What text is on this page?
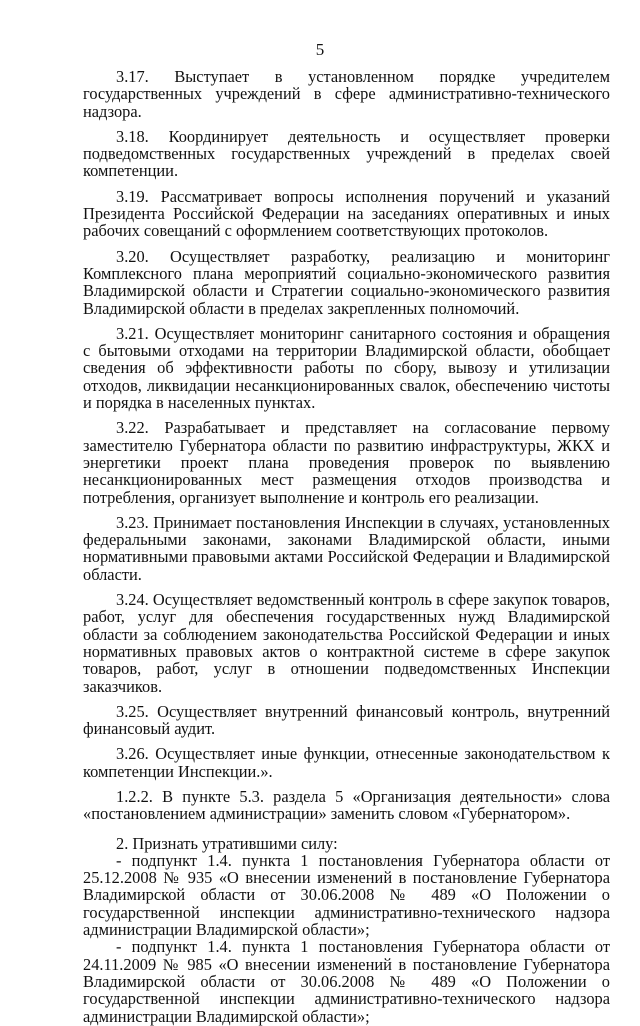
5

3.17. Выступает в установленном порядке учредителем государственных учреждений в сфере административно-технического надзора.

3.18. Координирует деятельность и осуществляет проверки подведомственных государственных учреждений в пределах своей компетенции.

3.19. Рассматривает вопросы исполнения поручений и указаний Президента Российской Федерации на заседаниях оперативных и иных рабочих совещаний с оформлением соответствующих протоколов.

3.20. Осуществляет разработку, реализацию и мониторинг Комплексного плана мероприятий социально-экономического развития Владимирской области и Стратегии социально-экономического развития Владимирской области в пределах закрепленных полномочий.

3.21. Осуществляет мониторинг санитарного состояния и обращения с бытовыми отходами на территории Владимирской области, обобщает сведения об эффективности работы по сбору, вывозу и утилизации отходов, ликвидации несанкционированных свалок, обеспечению чистоты и порядка в населенных пунктах.

3.22. Разрабатывает и представляет на согласование первому заместителю Губернатора области по развитию инфраструктуры, ЖКХ и энергетики проект плана проведения проверок по выявлению несанкционированных мест размещения отходов производства и потребления, организует выполнение и контроль его реализации.

3.23. Принимает постановления Инспекции в случаях, установленных федеральными законами, законами Владимирской области, иными нормативными правовыми актами Российской Федерации и Владимирской области.

3.24. Осуществляет ведомственный контроль в сфере закупок товаров, работ, услуг для обеспечения государственных нужд Владимирской области за соблюдением законодательства Российской Федерации и иных нормативных правовых актов о контрактной системе в сфере закупок товаров, работ, услуг в отношении подведомственных Инспекции заказчиков.

3.25. Осуществляет внутренний финансовый контроль, внутренний финансовый аудит.

3.26. Осуществляет иные функции, отнесенные законодательством к компетенции Инспекции.».

1.2.2. В пункте 5.3. раздела 5 «Организация деятельности» слова «постановлением администрации» заменить словом «Губернатором».

2. Признать утратившими силу:

- подпункт 1.4. пункта 1 постановления Губернатора области от 25.12.2008 № 935 «О внесении изменений в постановление Губернатора Владимирской области от 30.06.2008 № 489 «О Положении о государственной инспекции административно-технического надзора администрации Владимирской области»;

- подпункт 1.4. пункта 1 постановления Губернатора области от 24.11.2009 № 985 «О внесении изменений в постановление Губернатора Владимирской области от 30.06.2008 № 489 «О Положении о государственной инспекции административно-технического надзора администрации Владимирской области»;
